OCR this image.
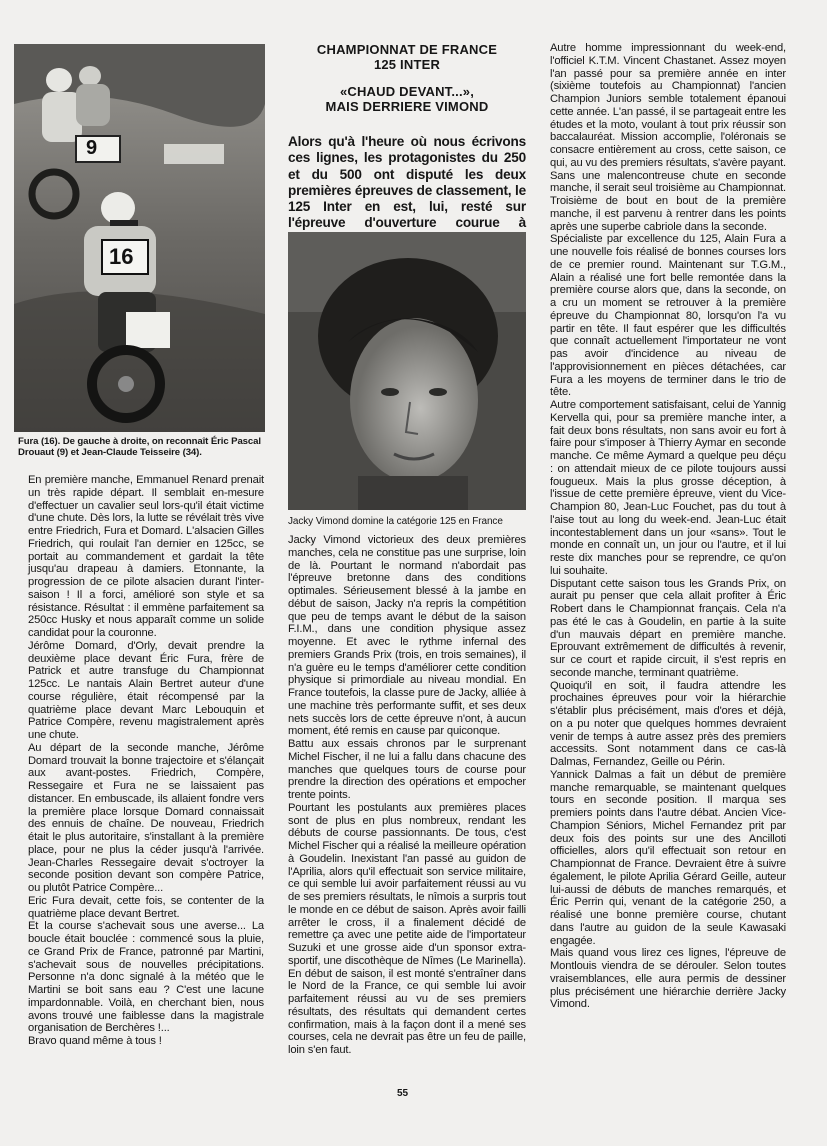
16
9
Fura (16). De gauche à droite, on reconnaît Éric Pascal Drouaut (9) et Jean-Claude Teisseire (34).
CHAMPIONNAT DE FRANCE
125 INTER
«CHAUD DEVANT...»,
MAIS DERRIERE VIMOND
Alors qu'à l'heure où nous écrivons ces lignes, les protagonistes du 250 et du 500 ont disputé les deux premières épreuves de classement, le 125 Inter en est, lui, resté sur l'épreuve d'ouverture courue à
Jacky Vimond domine la catégorie 125 en France

En première manche, Emmanuel Renard prenait un très rapide départ. Il semblait en-mesure d'effectuer un cavalier seul lors-qu'il était victime d'une chute. Dès lors, la lutte se révélait très vive entre Friedrich, Fura et Domard. L'alsacien Gilles Friedrich, qui roulait l'an dernier en 125cc, se portait au commandement et gardait la tête jusqu'au drapeau à damiers. Etonnante, la progression de ce pilote alsacien durant l'inter-saison ! Il a forci, amélioré son style et sa résistance. Résultat : il emmène parfaitement sa 250cc Husky et nous apparaît comme un solide candidat pour la couronne.

Jérôme Domard, d'Orly, devait prendre la deuxième place devant Éric Fura, frère de Patrick et autre transfuge du Championnat 125cc. Le nantais Alain Bertret auteur d'une course régulière, était récompensé par la quatrième place devant Marc Lebouquin et Patrice Compère, revenu magistralement après une chute.

Au départ de la seconde manche, Jérôme Domard trouvait la bonne trajectoire et s'élançait aux avant-postes. Friedrich, Compère, Ressegaire et Fura ne se laissaient pas distancer. En embuscade, ils allaient fondre vers la première place lorsque Domard connaissait des ennuis de chaîne. De nouveau, Friedrich était le plus autoritaire, s'installant à la première place, pour ne plus la céder jusqu'à l'arrivée. Jean-Charles Ressegaire devait s'octroyer la seconde position devant son compère Patrice, ou plutôt Patrice Compère...

Eric Fura devait, cette fois, se contenter de la quatrième place devant Bertret.

Et la course s'achevait sous une averse... La boucle était bouclée : commencé sous la pluie, ce Grand Prix de France, patronné par Martini, s'achevait sous de nouvelles précipitations. Personne n'a donc signalé à la météo que le Martini se boit sans eau ? C'est une lacune impardonnable. Voilà, en cherchant bien, nous avons trouvé une faiblesse dans la magistrale organisation de Berchères !...

Bravo quand même à tous !

Jacky Vimond victorieux des deux premières manches, cela ne constitue pas une surprise, loin de là. Pourtant le normand n'abordait pas l'épreuve bretonne dans des conditions optimales. Sérieusement blessé à la jambe en début de saison, Jacky n'a repris la compétition que peu de temps avant le début de la saison F.I.M., dans une condition physique assez moyenne. Et avec le rythme infernal des premiers Grands Prix (trois, en trois semaines), il n'a guère eu le temps d'améliorer cette condition physique si primordiale au niveau mondial. En France toutefois, la classe pure de Jacky, alliée à une machine très performante suffit, et ses deux nets succès lors de cette épreuve n'ont, à aucun moment, été remis en cause par quiconque.

Battu aux essais chronos par le surprenant Michel Fischer, il ne lui a fallu dans chacune des manches que quelques tours de course pour prendre la direction des opérations et empocher trente points.

Pourtant les postulants aux premières places sont de plus en plus nombreux, rendant les débuts de course passionnants. De tous, c'est Michel Fischer qui a réalisé la meilleure opération à Goudelin. Inexistant l'an passé au guidon de l'Aprilia, alors qu'il effectuait son service militaire, ce qui semble lui avoir parfaitement réussi au vu de ses premiers résultats, le nîmois a surpris tout le monde en ce début de saison. Après avoir failli arrêter le cross, il a finalement décidé de remettre ça avec une petite aide de l'importateur Suzuki et une grosse aide d'un sponsor extra-sportif, une discothèque de Nîmes (Le Marinella). En début de saison, il est monté s'entraîner dans le Nord de la France, ce qui semble lui avoir parfaitement réussi au vu de ses premiers résultats, des résultats qui demandent certes confirmation, mais à la façon dont il a mené ses courses, cela ne devrait pas être un feu de paille, loin s'en faut.

Autre homme impressionnant du week-end, l'officiel K.T.M. Vincent Chastanet. Assez moyen l'an passé pour sa première année en inter (sixième toutefois au Championnat) l'ancien Champion Juniors semble totalement épanoui cette année. L'an passé, il se partageait entre les études et la moto, voulant à tout prix réussir son baccalauréat. Mission accomplie, l'oléronais se consacre entièrement au cross, cette saison, ce qui, au vu des premiers résultats, s'avère payant. Sans une malencontreuse chute en seconde manche, il serait seul troisième au Championnat. Troisième de bout en bout de la première manche, il est parvenu à rentrer dans les points après une superbe cabriole dans la seconde.

Spécialiste par excellence du 125, Alain Fura a une nouvelle fois réalisé de bonnes courses lors de ce premier round. Maintenant sur T.G.M., Alain a réalisé une fort belle remontée dans la première course alors que, dans la seconde, on a cru un moment se retrouver à la première épreuve du Championnat 80, lorsqu'on l'a vu partir en tête. Il faut espérer que les difficultés que connaît actuellement l'importateur ne vont pas avoir d'incidence au niveau de l'approvisionnement en pièces détachées, car Fura a les moyens de terminer dans le trio de tête.

Autre comportement satisfaisant, celui de Yannig Kervella qui, pour sa première manche inter, a fait deux bons résultats, non sans avoir eu fort à faire pour s'imposer à Thierry Aymar en seconde manche. Ce même Aymard a quelque peu déçu : on attendait mieux de ce pilote toujours aussi fougueux. Mais la plus grosse déception, à l'issue de cette première épreuve, vient du Vice-Champion 80, Jean-Luc Fouchet, pas du tout à l'aise tout au long du week-end. Jean-Luc était incontestablement dans un jour «sans». Tout le monde en connaît un, un jour ou l'autre, et il lui reste dix manches pour se reprendre, ce qu'on lui souhaite.

Disputant cette saison tous les Grands Prix, on aurait pu penser que cela allait profiter à Éric Robert dans le Championnat français. Cela n'a pas été le cas à Goudelin, en partie à la suite d'un mauvais départ en première manche. Eprouvant extrêmement de difficultés à revenir, sur ce court et rapide circuit, il s'est repris en seconde manche, terminant quatrième.

Quoiqu'il en soit, il faudra attendre les prochaines épreuves pour voir la hiérarchie s'établir plus précisément, mais d'ores et déjà, on a pu noter que quelques hommes devraient venir de temps à autre assez près des premiers accessits. Sont notamment dans ce cas-là Dalmas, Fernandez, Geille ou Périn.

Yannick Dalmas a fait un début de première manche remarquable, se maintenant quelques tours en seconde position. Il marqua ses premiers points dans l'autre débat. Ancien Vice-Champion Séniors, Michel Fernandez prit par deux fois des points sur une des Ancilloti officielles, alors qu'il effectuait son retour en Championnat de France. Devraient être à suivre également, le pilote Aprilia Gérard Geille, auteur lui-aussi de débuts de manches remarqués, et Éric Perrin qui, venant de la catégorie 250, a réalisé une bonne première course, chutant dans l'autre au guidon de la seule Kawasaki engagée.

Mais quand vous lirez ces lignes, l'épreuve de Montlouis viendra de se dérouler. Selon toutes vraisemblances, elle aura permis de dessiner plus précisément une hiérarchie derrière Jacky Vimond.

55
